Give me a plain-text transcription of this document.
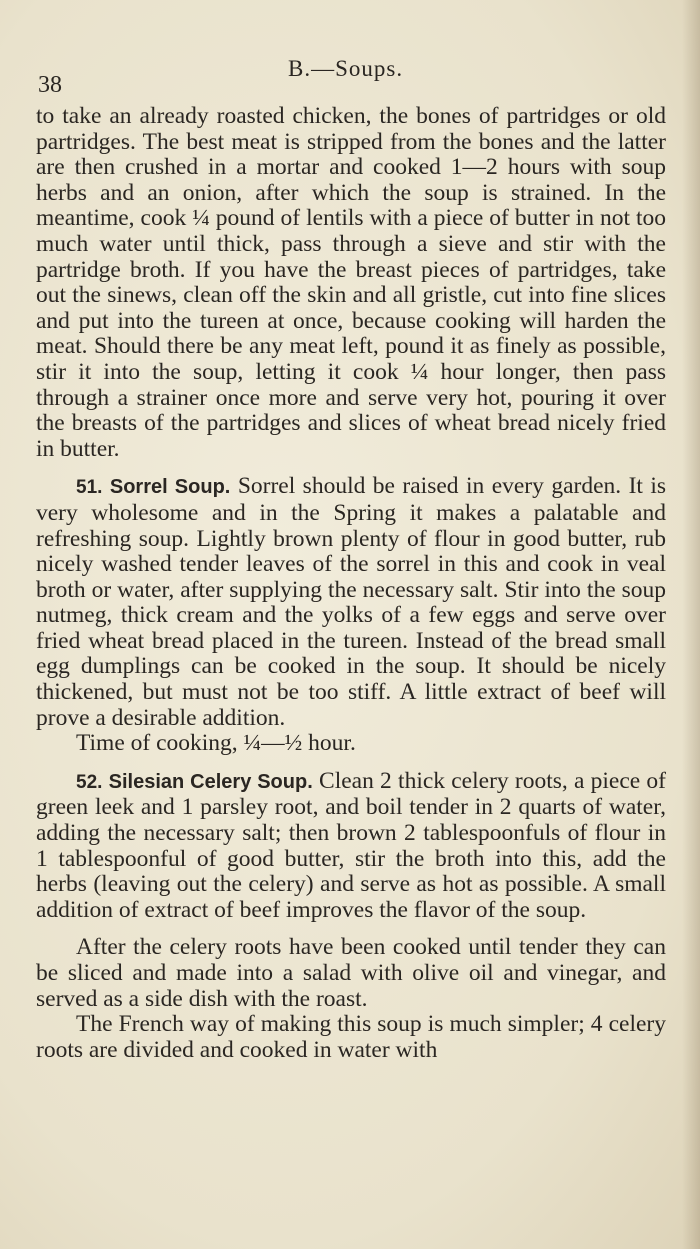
38
B.—Soups.

to take an already roasted chicken, the bones of partridges or old partridges. The best meat is stripped from the bones and the latter are then crushed in a mortar and cooked 1—2 hours with soup herbs and an onion, after which the soup is strained. In the meantime, cook ¼ pound of lentils with a piece of butter in not too much water until thick, pass through a sieve and stir with the partridge broth. If you have the breast pieces of partridges, take out the sinews, clean off the skin and all gristle, cut into fine slices and put into the tureen at once, because cooking will harden the meat. Should there be any meat left, pound it as finely as possible, stir it into the soup, letting it cook ¼ hour longer, then pass through a strainer once more and serve very hot, pouring it over the breasts of the partridges and slices of wheat bread nicely fried in butter.

51. Sorrel Soup. Sorrel should be raised in every garden. It is very wholesome and in the Spring it makes a palatable and refreshing soup. Lightly brown plenty of flour in good butter, rub nicely washed tender leaves of the sorrel in this and cook in veal broth or water, after supplying the necessary salt. Stir into the soup nutmeg, thick cream and the yolks of a few eggs and serve over fried wheat bread placed in the tureen. Instead of the bread small egg dumplings can be cooked in the soup. It should be nicely thickened, but must not be too stiff. A little extract of beef will prove a desirable addition.

Time of cooking, ¼—½ hour.

52. Silesian Celery Soup. Clean 2 thick celery roots, a piece of green leek and 1 parsley root, and boil tender in 2 quarts of water, adding the necessary salt; then brown 2 tablespoonfuls of flour in 1 tablespoonful of good butter, stir the broth into this, add the herbs (leaving out the celery) and serve as hot as possible. A small addition of extract of beef improves the flavor of the soup.

After the celery roots have been cooked until tender they can be sliced and made into a salad with olive oil and vinegar, and served as a side dish with the roast.

The French way of making this soup is much simpler; 4 celery roots are divided and cooked in water with
